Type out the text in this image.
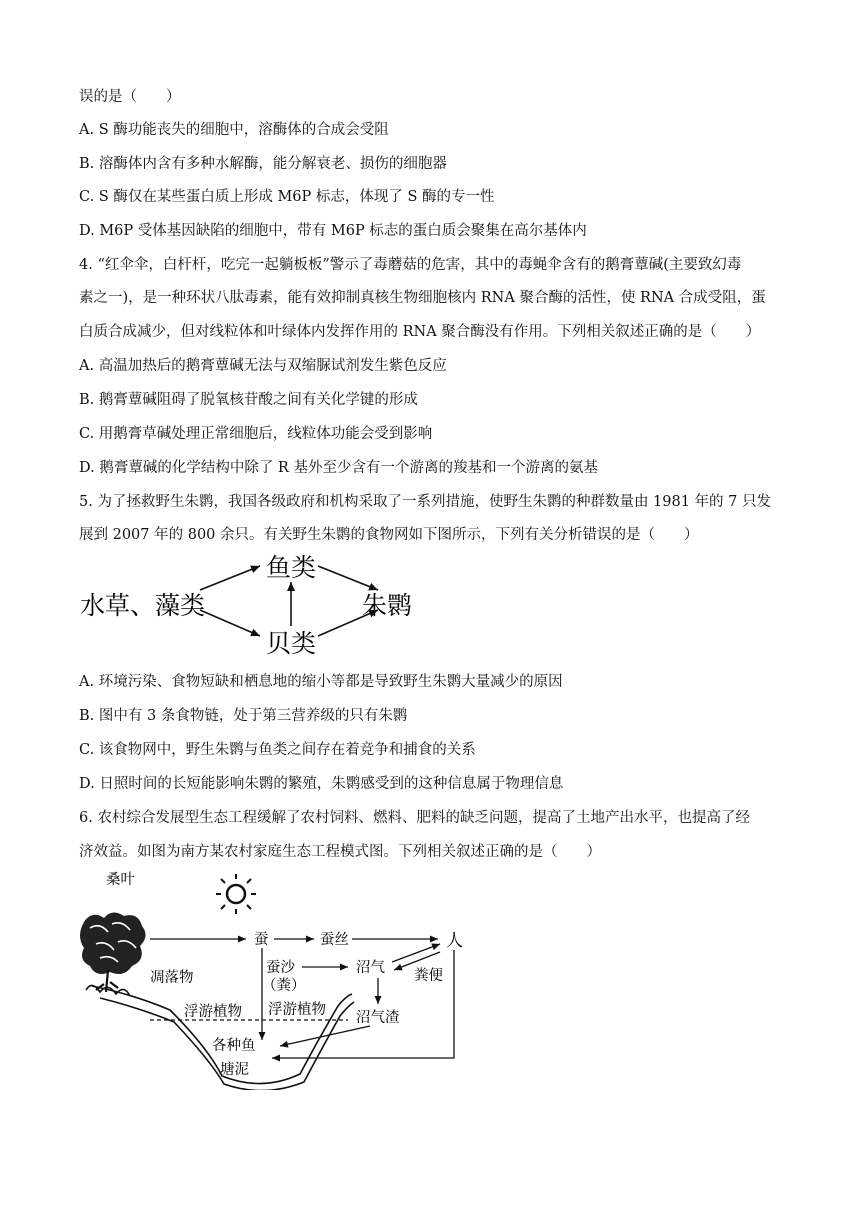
误的是（　　）
A. S 酶功能丧失的细胞中，溶酶体的合成会受阻
B. 溶酶体内含有多种水解酶，能分解衰老、损伤的细胞器
C. S 酶仅在某些蛋白质上形成 M6P 标志，体现了 S 酶的专一性
D. M6P 受体基因缺陷的细胞中，带有 M6P 标志的蛋白质会聚集在高尔基体内
4. “红伞伞，白杆杆，吃完一起躺板板”警示了毒蘑菇的危害，其中的毒蝇伞含有的鹅膏蕈碱(主要致幻毒
素之一)，是一种环状八肽毒素，能有效抑制真核生物细胞核内 RNA 聚合酶的活性，使 RNA 合成受阻，蛋
白质合成减少，但对线粒体和叶绿体内发挥作用的 RNA 聚合酶没有作用。下列相关叙述正确的是（　　）
A. 高温加热后的鹅膏蕈碱无法与双缩脲试剂发生紫色反应
B. 鹅膏蕈碱阻碍了脱氧核苷酸之间有关化学键的形成
C. 用鹅膏草碱处理正常细胞后，线粒体功能会受到影响
D. 鹅膏蕈碱的化学结构中除了 R 基外至少含有一个游离的羧基和一个游离的氨基
5. 为了拯救野生朱鹮，我国各级政府和机构采取了一系列措施，使野生朱鹮的种群数量由 1981 年的 7 只发
展到 2007 年的 800 余只。有关野生朱鹮的食物网如下图所示，下列有关分析错误的是（　　）
水草、藻类
鱼类
贝类
朱鹮
A. 环境污染、食物短缺和栖息地的缩小等都是导致野生朱鹮大量减少的原因
B. 图中有 3 条食物链，处于第三营养级的只有朱鹮
C. 该食物网中，野生朱鹮与鱼类之间存在着竞争和捕食的关系
D. 日照时间的长短能影响朱鹮的繁殖，朱鹮感受到的这种信息属于物理信息
6. 农村综合发展型生态工程缓解了农村饲料、燃料、肥料的缺乏问题，提高了土地产出水平，也提高了经
济效益。如图为南方某农村家庭生态工程模式图。下列相关叙述正确的是（　　）
桑叶
蚕	蚕丝	人
凋落物
蚕沙
（粪）
沼气 粪便
浮游植物 浮游植物 沼气渣
各种鱼
塘泥
